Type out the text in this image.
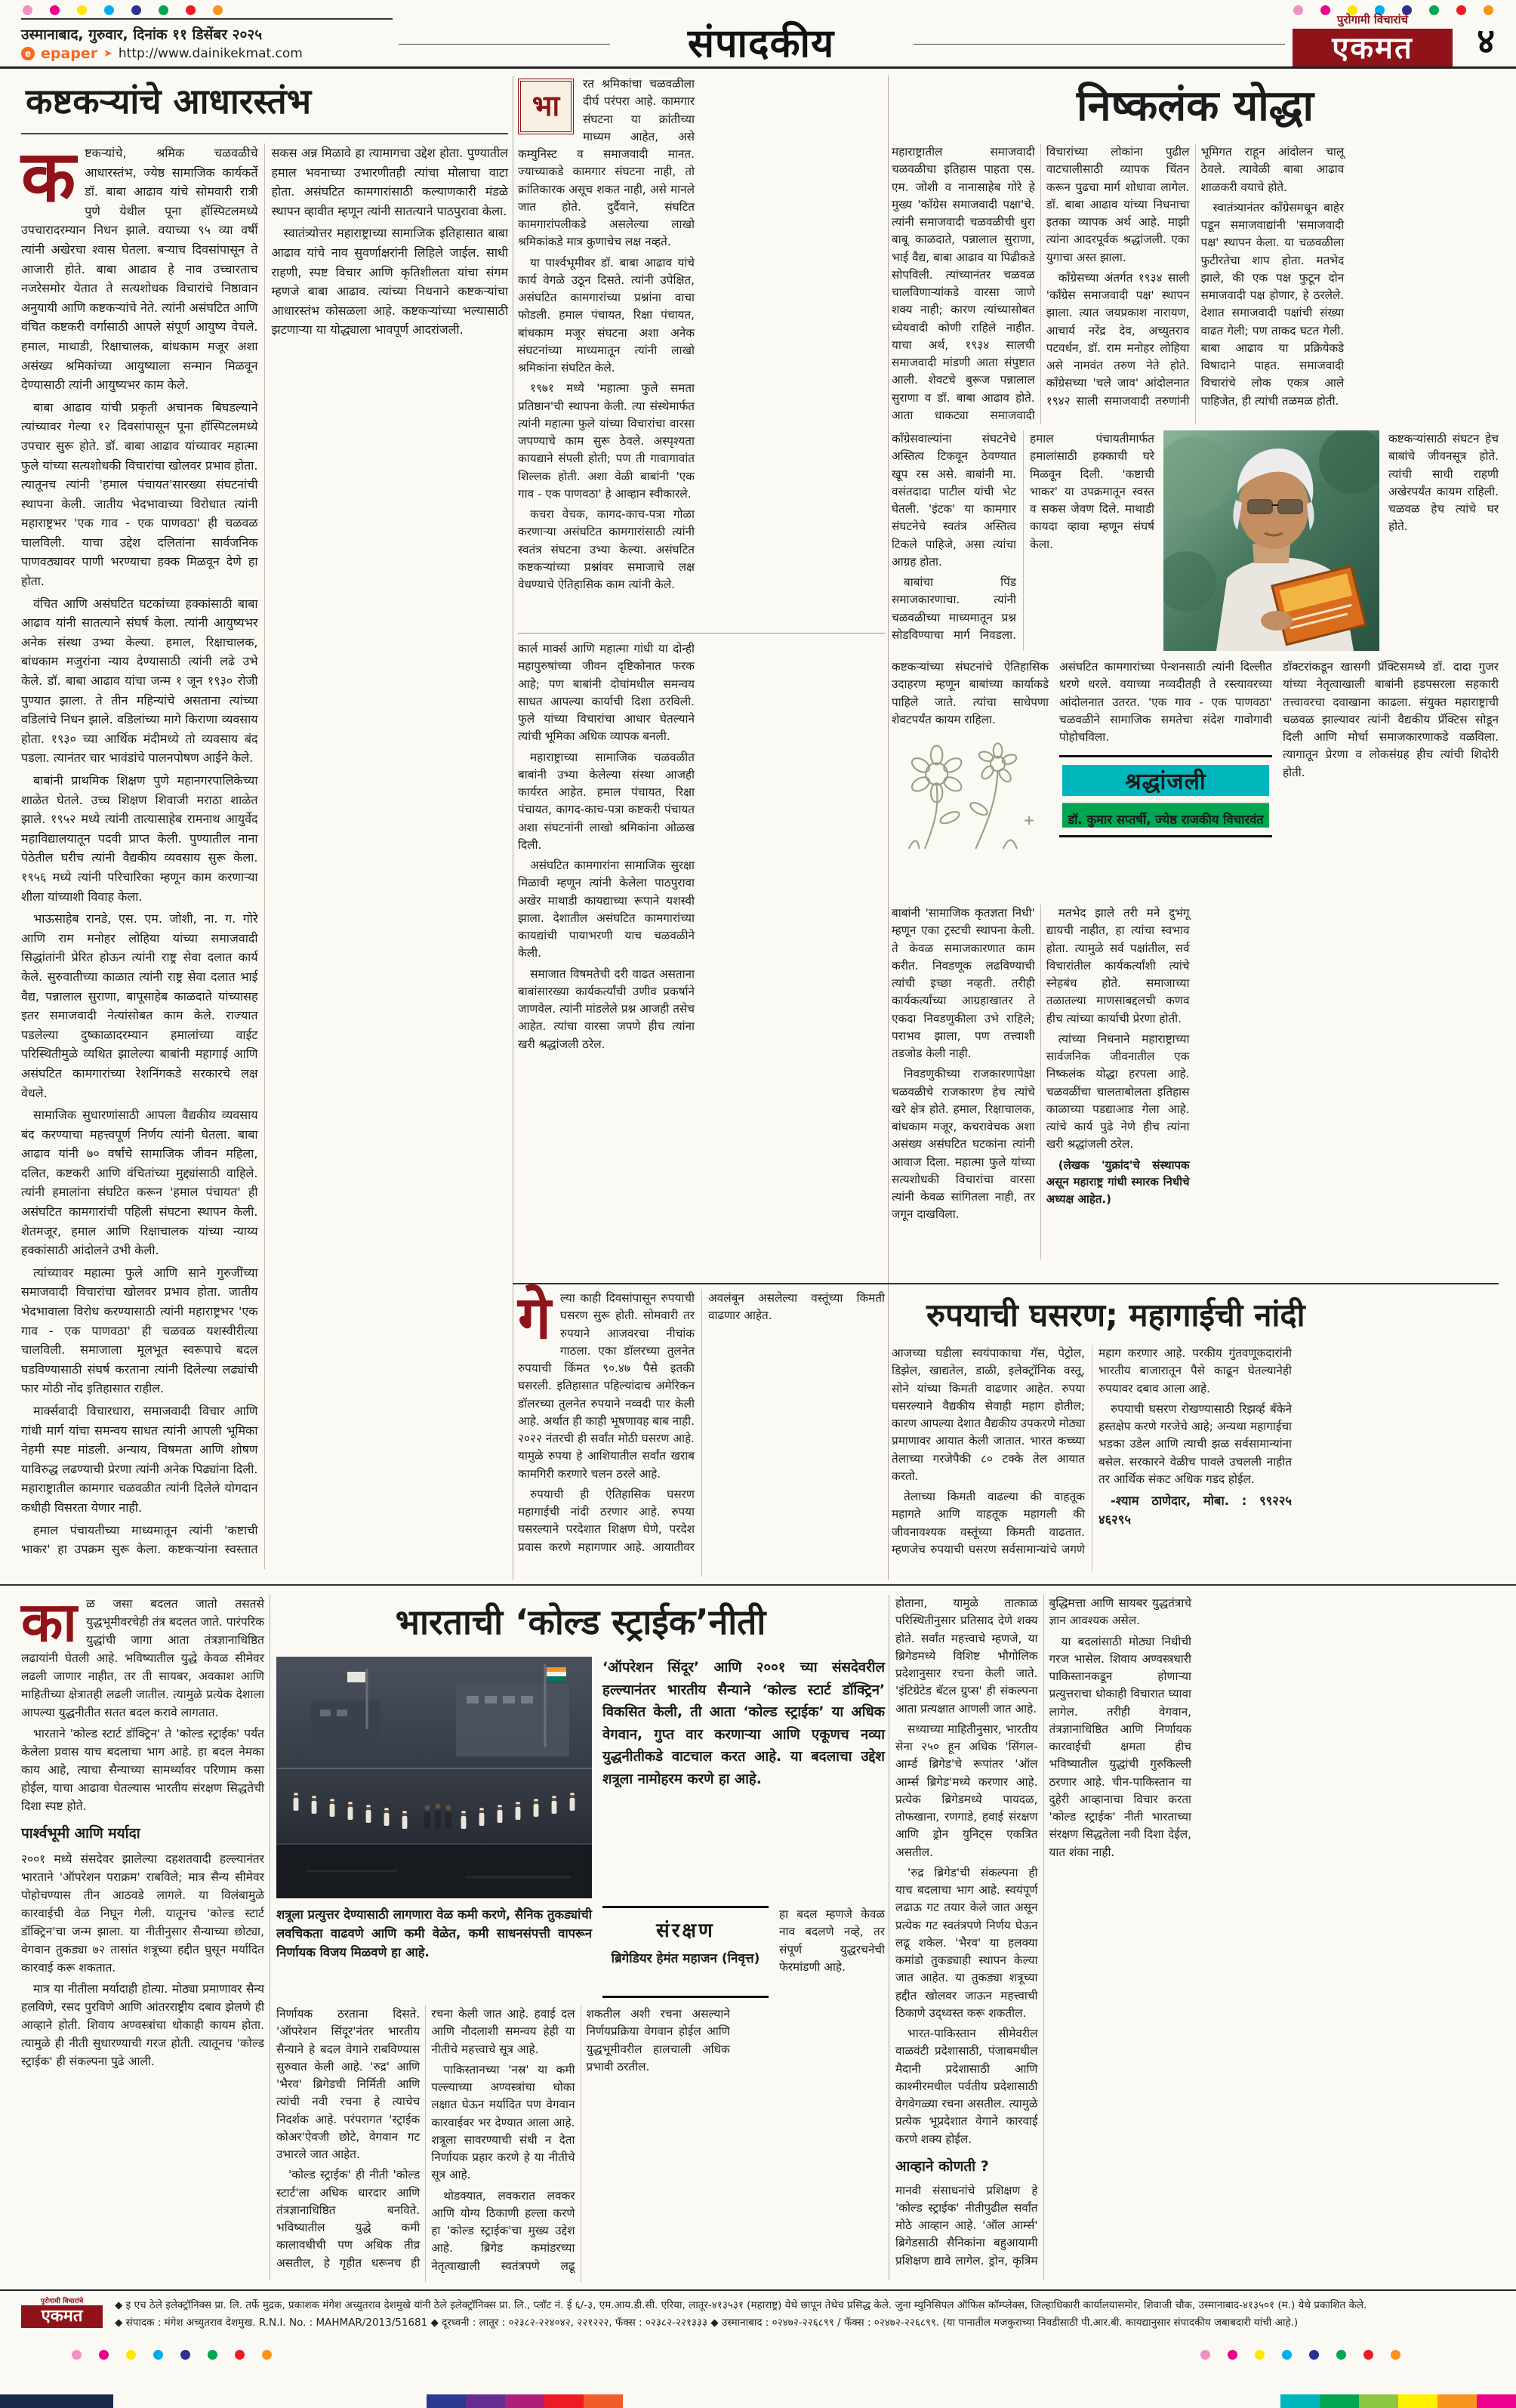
उस्मानाबाद, गुरुवार, दिनांक ११ डिसेंबर २०२५
e epaper ➤ http://www.dainikekmat.com	संपादकीय
पुरोगामी विचारांचे
एकमत	४
कष्टकऱ्यांचे आधारस्तंभ
क ष्टकऱ्यांचे, श्रमिक चळवळीचे आधारस्तंभ, ज्येष्ठ सामाजिक कार्यकर्ते डॉ. बाबा आढाव यांचे सोमवारी रात्री पुणे येथील पूना हॉस्पिटलमध्ये उपचारादरम्यान निधन झाले. वयाच्या ९५ व्या वर्षी त्यांनी अखेरचा श्वास घेतला. बऱ्याच दिवसांपासून ते आजारी होते. बाबा आढाव हे नाव उच्चारताच नजरेसमोर येतात ते सत्यशोधक विचारांचे निष्ठावान अनुयायी आणि कष्टकऱ्यांचे नेते. त्यांनी असंघटित आणि वंचित कष्टकरी वर्गासाठी आपले संपूर्ण आयुष्य वेचले. हमाल, माथाडी, रिक्षाचालक, बांधकाम मजूर अशा असंख्य श्रमिकांच्या आयुष्याला सन्मान मिळवून देण्यासाठी त्यांनी आयुष्यभर काम केले.

बाबा आढाव यांची प्रकृती अचानक बिघडल्याने त्यांच्यावर गेल्या १२ दिवसांपासून पूना हॉस्पिटलमध्ये उपचार सुरू होते. डॉ. बाबा आढाव यांच्यावर महात्मा फुले यांच्या सत्यशोधकी विचारांचा खोलवर प्रभाव होता. त्यातूनच त्यांनी 'हमाल पंचायत'सारख्या संघटनांची स्थापना केली. जातीय भेदभावाच्या विरोधात त्यांनी महाराष्ट्रभर 'एक गाव - एक पाणवठा' ही चळवळ चालविली. याचा उद्देश दलितांना सार्वजनिक पाणवठ्यावर पाणी भरण्याचा हक्क मिळवून देणे हा होता.

वंचित आणि असंघटित घटकांच्या हक्कांसाठी बाबा आढाव यांनी सातत्याने संघर्ष केला. त्यांनी आयुष्यभर अनेक संस्था उभ्या केल्या. हमाल, रिक्षाचालक, बांधकाम मजुरांना न्याय देण्यासाठी त्यांनी लढे उभे केले. डॉ. बाबा आढाव यांचा जन्म १ जून १९३० रोजी पुण्यात झाला. ते तीन महिन्यांचे असताना त्यांच्या वडिलांचे निधन झाले. वडिलांच्या मागे किराणा व्यवसाय होता. १९३० च्या आर्थिक मंदीमध्ये तो व्यवसाय बंद पडला. त्यानंतर चार भावंडांचे पालनपोषण आईने केले.

बाबांनी प्राथमिक शिक्षण पुणे महानगरपालिकेच्या शाळेत घेतले. उच्च शिक्षण शिवाजी मराठा शाळेत झाले. १९५२ मध्ये त्यांनी तात्यासाहेब रामनाथ आयुर्वेद महाविद्यालयातून पदवी प्राप्त केली. पुण्यातील नाना पेठेतील घरीच त्यांनी वैद्यकीय व्यवसाय सुरू केला. १९५६ मध्ये त्यांनी परिचारिका म्हणून काम करणाऱ्या शीला यांच्याशी विवाह केला.

भाऊसाहेब रानडे, एस. एम. जोशी, ना. ग. गोरे आणि राम मनोहर लोहिया यांच्या समाजवादी सिद्धांतांनी प्रेरित होऊन त्यांनी राष्ट्र सेवा दलात कार्य केले. सुरुवातीच्या काळात त्यांनी राष्ट्र सेवा दलात भाई वैद्य, पन्नालाल सुराणा, बापूसाहेब काळदाते यांच्यासह इतर समाजवादी नेत्यांसोबत काम केले. राज्यात पडलेल्या दुष्काळादरम्यान हमालांच्या वाईट परिस्थितीमुळे व्यथित झालेल्या बाबांनी महागाई आणि असंघटित कामगारांच्या रेशनिंगकडे सरकारचे लक्ष वेधले.

सामाजिक सुधारणांसाठी आपला वैद्यकीय व्यवसाय बंद करण्याचा महत्त्वपूर्ण निर्णय त्यांनी घेतला. बाबा आढाव यांनी ७० वर्षांचे सामाजिक जीवन महिला, दलित, कष्टकरी आणि वंचितांच्या मुद्द्यांसाठी वाहिले. त्यांनी हमालांना संघटित करून 'हमाल पंचायत' ही असंघटित कामगारांची पहिली संघटना स्थापन केली. शेतमजूर, हमाल आणि रिक्षाचालक यांच्या न्याय्य हक्कांसाठी आंदोलने उभी केली.

त्यांच्यावर महात्मा फुले आणि साने गुरुजींच्या समाजवादी विचारांचा खोलवर प्रभाव होता. जातीय भेदभावाला विरोध करण्यासाठी त्यांनी महाराष्ट्रभर 'एक गाव - एक पाणवठा' ही चळवळ यशस्वीरीत्या चालविली. समाजाला मूलभूत स्वरूपाचे बदल घडविण्यासाठी संघर्ष करताना त्यांनी दिलेल्या लढ्यांची फार मोठी नोंद इतिहासात राहील.

मार्क्सवादी विचारधारा, समाजवादी विचार आणि गांधी मार्ग यांचा समन्वय साधत त्यांनी आपली भूमिका नेहमी स्पष्ट मांडली. अन्याय, विषमता आणि शोषण याविरुद्ध लढण्याची प्रेरणा त्यांनी अनेक पिढ्यांना दिली. महाराष्ट्रातील कामगार चळवळीत त्यांनी दिलेले योगदान कधीही विसरता येणार नाही.

हमाल पंचायतीच्या माध्यमातून त्यांनी 'कष्टाची भाकर' हा उपक्रम सुरू केला. कष्टकऱ्यांना स्वस्तात सकस अन्न मिळावे हा त्यामागचा उद्देश होता. पुण्यातील हमाल भवनाच्या उभारणीतही त्यांचा मोलाचा वाटा होता. असंघटित कामगारांसाठी कल्याणकारी मंडळे स्थापन व्हावीत म्हणून त्यांनी सातत्याने पाठपुरावा केला.

स्वातंत्र्योत्तर महाराष्ट्राच्या सामाजिक इतिहासात बाबा आढाव यांचे नाव सुवर्णाक्षरांनी लिहिले जाईल. साधी राहणी, स्पष्ट विचार आणि कृतिशीलता यांचा संगम म्हणजे बाबा आढाव. त्यांच्या निधनाने कष्टकऱ्यांचा आधारस्तंभ कोसळला आहे. कष्टकऱ्यांच्या भल्यासाठी झटणाऱ्या या योद्ध्याला भावपूर्ण आदरांजली.

भा

रत श्रमिकांचा चळवळीला दीर्घ परंपरा आहे. कामगार संघटना या क्रांतीच्या माध्यम आहेत, असे कम्युनिस्ट व समाजवादी मानत. ज्याच्याकडे कामगार संघटना नाही, तो क्रांतिकारक असूच शकत नाही, असे मानले जात होते. दुर्दैवाने, संघटित कामगारांपलीकडे असलेल्या लाखो श्रमिकांकडे मात्र कुणाचेच लक्ष नव्हते.

या पार्श्वभूमीवर डॉ. बाबा आढाव यांचे कार्य वेगळे उठून दिसते. त्यांनी उपेक्षित, असंघटित कामगारांच्या प्रश्नांना वाचा फोडली. हमाल पंचायत, रिक्षा पंचायत, बांधकाम मजूर संघटना अशा अनेक संघटनांच्या माध्यमातून त्यांनी लाखो श्रमिकांना संघटित केले.

१९७१ मध्ये 'महात्मा फुले समता प्रतिष्ठान'ची स्थापना केली. त्या संस्थेमार्फत त्यांनी महात्मा फुले यांच्या विचारांचा वारसा जपण्याचे काम सुरू ठेवले. अस्पृश्यता कायद्याने संपली होती; पण ती गावागावांत शिल्लक होती. अशा वेळी बाबांनी 'एक गाव - एक पाणवठा' हे आव्हान स्वीकारले.

कचरा वेचक, कागद-काच-पत्रा गोळा करणाऱ्या असंघटित कामगारांसाठी त्यांनी स्वतंत्र संघटना उभ्या केल्या. असंघटित कष्टकऱ्यांच्या प्रश्नांवर समाजाचे लक्ष वेधण्याचे ऐतिहासिक काम त्यांनी केले.

कार्ल मार्क्स आणि महात्मा गांधी या दोन्ही महापुरुषांच्या जीवन दृष्टिकोनात फरक आहे; पण बाबांनी दोघांमधील समन्वय साधत आपल्या कार्याची दिशा ठरविली. फुले यांच्या विचारांचा आधार घेतल्याने त्यांची भूमिका अधिक व्यापक बनली.

महाराष्ट्राच्या सामाजिक चळवळीत बाबांनी उभ्या केलेल्या संस्था आजही कार्यरत आहेत. हमाल पंचायत, रिक्षा पंचायत, कागद-काच-पत्रा कष्टकरी पंचायत अशा संघटनांनी लाखो श्रमिकांना ओळख दिली.

असंघटित कामगारांना सामाजिक सुरक्षा मिळावी म्हणून त्यांनी केलेला पाठपुरावा अखेर माथाडी कायद्याच्या रूपाने यशस्वी झाला. देशातील असंघटित कामगारांच्या कायद्यांची पायाभरणी याच चळवळीने केली.

समाजात विषमतेची दरी वाढत असताना बाबांसारख्या कार्यकर्त्यांची उणीव प्रकर्षाने जाणवेल. त्यांनी मांडलेले प्रश्न आजही तसेच आहेत. त्यांचा वारसा जपणे हीच त्यांना खरी श्रद्धांजली ठरेल.

निष्कलंक योद्धा

महाराष्ट्रातील समाजवादी चळवळीचा इतिहास पाहता एस. एम. जोशी व नानासाहेब गोरे हे मुख्य 'कॉंग्रेस समाजवादी पक्षा'चे. त्यांनी समाजवादी चळवळीची धुरा बाबू काळदाते, पन्नालाल सुराणा, भाई वैद्य, बाबा आढाव या पिढीकडे सोपविली. त्यांच्यानंतर चळवळ चालविणाऱ्यांकडे वारसा जाणे शक्य नाही; कारण त्यांच्यासोबत ध्येयवादी कोणी राहिले नाहीत. याचा अर्थ, १९३४ सालची समाजवादी मांडणी आता संपुष्टात आली. शेवटचे बुरूज पन्नालाल सुराणा व डॉ. बाबा आढाव होते. आता धाकट्या समाजवादी विचारांच्या लोकांना पुढील वाटचालीसाठी व्यापक चिंतन करून पुढचा मार्ग शोधावा लागेल. डॉ. बाबा आढाव यांच्या निधनाचा इतका व्यापक अर्थ आहे. माझी त्यांना आदरपूर्वक श्रद्धांजली. एका युगाचा अस्त झाला.

कॉंग्रेसच्या अंतर्गत १९३४ साली 'कॉंग्रेस समाजवादी पक्ष' स्थापन झाला. त्यात जयप्रकाश नारायण, आचार्य नरेंद्र देव, अच्युतराव पटवर्धन, डॉ. राम मनोहर लोहिया असे नामवंत तरुण नेते होते. कॉंग्रेसच्या 'चले जाव' आंदोलनात १९४२ साली समाजवादी तरुणांनी भूमिगत राहून आंदोलन चालू ठेवले. त्यावेळी बाबा आढाव शाळकरी वयाचे होते.

स्वातंत्र्यानंतर कॉंग्रेसमधून बाहेर पडून समाजवाद्यांनी 'समाजवादी पक्ष' स्थापन केला. या चळवळीला फुटीरतेचा शाप होता. मतभेद झाले, की एक पक्ष फुटून दोन समाजवादी पक्ष होणार, हे ठरलेले. देशात समाजवादी पक्षांची संख्या वाढत गेली; पण ताकद घटत गेली. बाबा आढाव या प्रक्रियेकडे विषादाने पाहत. समाजवादी विचारांचे लोक एकत्र आले पाहिजेत, ही त्यांची तळमळ होती.

कॉंग्रेसवाल्यांना संघटनेचे अस्तित्व टिकवून ठेवण्यात खूप रस असे. बाबांनी मा. वसंतदादा पाटील यांची भेट घेतली. 'इंटक' या कामगार संघटनेचे स्वतंत्र अस्तित्व टिकले पाहिजे, असा त्यांचा आग्रह होता.

बाबांचा पिंड समाजकारणाचा. त्यांनी चळवळीच्या माध्यमातून प्रश्न सोडविण्याचा मार्ग निवडला. हमाल पंचायतीमार्फत हमालांसाठी हक्काची घरे मिळवून दिली. 'कष्टाची भाकर' या उपक्रमातून स्वस्त व सकस जेवण दिले. माथाडी कायदा व्हावा म्हणून संघर्ष केला.

कष्टकऱ्यांसाठी संघटन हेच बाबांचे जीवनसूत्र होते. त्यांची साधी राहणी अखेरपर्यंत कायम राहिली. चळवळ हेच त्यांचे घर होते.

कष्टकऱ्यांच्या संघटनांचे ऐतिहासिक उदाहरण म्हणून बाबांच्या कार्याकडे पाहिले जाते. त्यांचा साधेपणा शेवटपर्यंत कायम राहिला.

असंघटित कामगारांच्या पेन्शनसाठी त्यांनी दिल्लीत धरणे धरले. वयाच्या नव्वदीतही ते रस्त्यावरच्या आंदोलनात उतरत. 'एक गाव - एक पाणवठा' चळवळीने सामाजिक समतेचा संदेश गावोगावी पोहोचविला.

श्रद्धांजली
डॉ. कुमार सप्तर्षी, ज्येष्ठ राजकीय विचारवंत

डॉक्टरांकडून खासगी प्रॅक्टिसमध्ये डॉ. दादा गुजर यांच्या नेतृत्वाखाली बाबांनी हडपसरला सहकारी तत्त्वावरचा दवाखाना काढला. संयुक्त महाराष्ट्राची चळवळ झाल्यावर त्यांनी वैद्यकीय प्रॅक्टिस सोडून दिली आणि मोर्चा समाजकारणाकडे वळविला. त्यागातून प्रेरणा व लोकसंग्रह हीच त्यांची शिदोरी होती.

बाबांनी 'सामाजिक कृतज्ञता निधी' म्हणून एका ट्रस्टची स्थापना केली. ते केवळ समाजकारणात काम करीत. निवडणूक लढविण्याची त्यांची इच्छा नव्हती. तरीही कार्यकर्त्यांच्या आग्रहाखातर ते एकदा निवडणुकीला उभे राहिले; पराभव झाला, पण तत्त्वाशी तडजोड केली नाही.

निवडणुकीच्या राजकारणापेक्षा चळवळीचे राजकारण हेच त्यांचे खरे क्षेत्र होते. हमाल, रिक्षाचालक, बांधकाम मजूर, कचरावेचक अशा असंख्य असंघटित घटकांना त्यांनी आवाज दिला. महात्मा फुले यांच्या सत्यशोधकी विचारांचा वारसा त्यांनी केवळ सांगितला नाही, तर जगून दाखविला.

मतभेद झाले तरी मने दुभंगू द्यायची नाहीत, हा त्यांचा स्वभाव होता. त्यामुळे सर्व पक्षांतील, सर्व विचारांतील कार्यकर्त्यांशी त्यांचे स्नेहबंध होते. समाजाच्या तळातल्या माणसाबद्दलची कणव हीच त्यांच्या कार्याची प्रेरणा होती.

त्यांच्या निधनाने महाराष्ट्राच्या सार्वजनिक जीवनातील एक निष्कलंक योद्धा हरपला आहे. चळवळींचा चालताबोलता इतिहास काळाच्या पडद्याआड गेला आहे. त्यांचे कार्य पुढे नेणे हीच त्यांना खरी श्रद्धांजली ठरेल.

(लेखक 'युक्रांद'चे संस्थापक असून महाराष्ट्र गांधी स्मारक निधीचे अध्यक्ष आहेत.)

गे ल्या काही दिवसांपासून रुपयाची घसरण सुरू होती. सोमवारी तर रुपयाने आजवरचा नीचांक गाठला. एका डॉलरच्या तुलनेत रुपयाची किंमत ९०.४७ पैसे इतकी घसरली. इतिहासात पहिल्यांदाच अमेरिकन डॉलरच्या तुलनेत रुपयाने नव्वदी पार केली आहे. अर्थात ही काही भूषणावह बाब नाही. २०२२ नंतरची ही सर्वांत मोठी घसरण आहे. यामुळे रुपया हे आशियातील सर्वांत खराब कामगिरी करणारे चलन ठरले आहे.

रुपयाची ही ऐतिहासिक घसरण महागाईची नांदी ठरणार आहे. रुपया घसरल्याने परदेशात शिक्षण घेणे, परदेश प्रवास करणे महागणार आहे. आयातीवर अवलंबून असलेल्या वस्तूंच्या किमती वाढणार आहेत.	रुपयाची घसरण; महागाईची नांदी

आजच्या घडीला स्वयंपाकाचा गॅस, पेट्रोल, डिझेल, खाद्यतेल, डाळी, इलेक्ट्रॉनिक वस्तू, सोने यांच्या किमती वाढणार आहेत. रुपया घसरल्याने वैद्यकीय सेवाही महाग होतील; कारण आपल्या देशात वैद्यकीय उपकरणे मोठ्या प्रमाणावर आयात केली जातात. भारत कच्च्या तेलाच्या गरजेपैकी ८० टक्के तेल आयात करतो.

तेलाच्या किमती वाढल्या की वाहतूक महागते आणि वाहतूक महागली की जीवनावश्यक वस्तूंच्या किमती वाढतात. म्हणजेच रुपयाची घसरण सर्वसामान्यांचे जगणे महाग करणार आहे. परकीय गुंतवणूकदारांनी भारतीय बाजारातून पैसे काढून घेतल्यानेही रुपयावर दबाव आला आहे.

रुपयाची घसरण रोखण्यासाठी रिझर्व्ह बँकेने हस्तक्षेप करणे गरजेचे आहे; अन्यथा महागाईचा भडका उडेल आणि त्याची झळ सर्वसामान्यांना बसेल. सरकारने वेळीच पावले उचलली नाहीत तर आर्थिक संकट अधिक गडद होईल.

-श्याम ठाणेदार, मोबा. : ९९२२५ ४६२९५

का ळ जसा बदलत जातो तसतसे युद्धभूमीवरचेही तंत्र बदलत जाते. पारंपरिक युद्धांची जागा आता तंत्रज्ञानाधिष्ठित लढायांनी घेतली आहे. भविष्यातील युद्धे केवळ सीमेवर लढली जाणार नाहीत, तर ती सायबर, अवकाश आणि माहितीच्या क्षेत्रातही लढली जातील. त्यामुळे प्रत्येक देशाला आपल्या युद्धनीतीत सतत बदल करावे लागतात.

भारताने 'कोल्ड स्टार्ट डॉक्ट्रिन' ते 'कोल्ड स्ट्राईक' पर्यंत केलेला प्रवास याच बदलाचा भाग आहे. हा बदल नेमका काय आहे, त्याचा सैन्याच्या सामर्थ्यावर परिणाम कसा होईल, याचा आढावा घेतल्यास भारतीय संरक्षण सिद्धतेची दिशा स्पष्ट होते.

पार्श्वभूमी आणि मर्यादा

२००१ मध्ये संसदेवर झालेल्या दहशतवादी हल्ल्यानंतर भारताने 'ऑपरेशन पराक्रम' राबविले; मात्र सैन्य सीमेवर पोहोचण्यास तीन आठवडे लागले. या विलंबामुळे कारवाईची वेळ निघून गेली. यातूनच 'कोल्ड स्टार्ट डॉक्ट्रिन'चा जन्म झाला. या नीतीनुसार सैन्याच्या छोट्या, वेगवान तुकड्या ७२ तासांत शत्रूच्या हद्दीत घुसून मर्यादित कारवाई करू शकतात.

मात्र या नीतीला मर्यादाही होत्या. मोठ्या प्रमाणावर सैन्य हलविणे, रसद पुरविणे आणि आंतरराष्ट्रीय दबाव झेलणे ही आव्हाने होती. शिवाय अण्वस्त्रांचा धोकाही कायम होता. त्यामुळे ही नीती सुधारण्याची गरज होती. त्यातूनच 'कोल्ड स्ट्राईक' ही संकल्पना पुढे आली.

भारताची ‘कोल्ड स्ट्राईक’नीती
‘ऑपरेशन सिंदूर’ आणि २००१ च्या संसदेवरील हल्ल्यानंतर भारतीय सैन्याने ‘कोल्ड स्टार्ट डॉक्ट्रिन’ विकसित केली, ती आता ‘कोल्ड स्ट्राईक’ या अधिक वेगवान, गुप्त वार करणाऱ्या आणि एकूणच नव्या युद्धनीतीकडे वाटचाल करत आहे. या बदलाचा उद्देश शत्रूला नामोहरम करणे हा आहे.
शत्रूला प्रत्युत्तर देण्यासाठी लागणारा वेळ कमी करणे, सैनिक तुकड्यांची लवचिकता वाढवणे आणि कमी वेळेत, कमी साधनसंपत्ती वापरून निर्णायक विजय मिळवणे हा आहे.
संरक्षण
ब्रिगेडियर हेमंत महाजन (निवृत्त)

हा बदल म्हणजे केवळ नाव बदलणे नव्हे, तर संपूर्ण युद्धरचनेची फेरमांडणी आहे.

निर्णायक ठरताना दिसते. 'ऑपरेशन सिंदूर'नंतर भारतीय सैन्याने हे बदल वेगाने राबविण्यास सुरुवात केली आहे. 'रुद्र' आणि 'भैरव' ब्रिगेडची निर्मिती आणि त्यांची नवी रचना हे त्याचेच निदर्शक आहे. परंपरागत 'स्ट्राईक कोअर'ऐवजी छोटे, वेगवान गट उभारले जात आहेत.

'कोल्ड स्ट्राईक' ही नीती 'कोल्ड स्टार्ट'ला अधिक धारदार आणि तंत्रज्ञानाधिष्ठित बनविते. भविष्यातील युद्धे कमी कालावधीची पण अधिक तीव्र असतील, हे गृहीत धरूनच ही रचना केली जात आहे. हवाई दल आणि नौदलाशी समन्वय हेही या नीतीचे महत्त्वाचे सूत्र आहे.

पाकिस्तानच्या 'नस्र' या कमी पल्ल्याच्या अण्वस्त्रांचा धोका लक्षात घेऊन मर्यादित पण वेगवान कारवाईवर भर देण्यात आला आहे. शत्रूला सावरण्याची संधी न देता निर्णायक प्रहार करणे हे या नीतीचे सूत्र आहे.

थोडक्यात, लवकरात लवकर आणि योग्य ठिकाणी हल्ला करणे हा 'कोल्ड स्ट्राईक'चा मुख्य उद्देश आहे. ब्रिगेड कमांडरच्या नेतृत्वाखाली स्वतंत्रपणे लढू शकतील अशी रचना असल्याने निर्णयप्रक्रिया वेगवान होईल आणि युद्धभूमीवरील हालचाली अधिक प्रभावी ठरतील.

होताना, यामुळे तात्काळ परिस्थितीनुसार प्रतिसाद देणे शक्य होते. सर्वांत महत्त्वाचे म्हणजे, या ब्रिगेडमध्ये विशिष्ट भौगोलिक प्रदेशानुसार रचना केली जाते. 'इंटिग्रेटेड बॅटल ग्रुप्स' ही संकल्पना आता प्रत्यक्षात आणली जात आहे.

सध्याच्या माहितीनुसार, भारतीय सेना २५० हून अधिक 'सिंगल-आर्म्ड ब्रिगेड'चे रूपांतर 'ऑल आर्म्स ब्रिगेड'मध्ये करणार आहे. प्रत्येक ब्रिगेडमध्ये पायदळ, तोफखाना, रणगाडे, हवाई संरक्षण आणि ड्रोन युनिट्स एकत्रित असतील.

'रुद्र ब्रिगेड'ची संकल्पना ही याच बदलाचा भाग आहे. स्वयंपूर्ण लढाऊ गट तयार केले जात असून प्रत्येक गट स्वतंत्रपणे निर्णय घेऊन लढू शकेल. 'भैरव' या हलक्या कमांडो तुकड्याही स्थापन केल्या जात आहेत. या तुकड्या शत्रूच्या हद्दीत खोलवर जाऊन महत्त्वाची ठिकाणे उद्ध्वस्त करू शकतील.

भारत-पाकिस्तान सीमेवरील वाळवंटी प्रदेशासाठी, पंजाबमधील मैदानी प्रदेशासाठी आणि काश्मीरमधील पर्वतीय प्रदेशासाठी वेगवेगळ्या रचना असतील. त्यामुळे प्रत्येक भूप्रदेशात वेगाने कारवाई करणे शक्य होईल.

आव्हाने कोणती ?

मानवी संसाधनांचे प्रशिक्षण हे 'कोल्ड स्ट्राईक' नीतीपुढील सर्वांत मोठे आव्हान आहे. 'ऑल आर्म्स' ब्रिगेडसाठी सैनिकांना बहुआयामी प्रशिक्षण द्यावे लागेल. ड्रोन, कृत्रिम बुद्धिमत्ता आणि सायबर युद्धतंत्राचे ज्ञान आवश्यक असेल.

या बदलांसाठी मोठ्या निधीची गरज भासेल. शिवाय अण्वस्त्रधारी पाकिस्तानकडून होणाऱ्या प्रत्युत्तराचा धोकाही विचारात घ्यावा लागेल. तरीही वेगवान, तंत्रज्ञानाधिष्ठित आणि निर्णायक कारवाईची क्षमता हीच भविष्यातील युद्धांची गुरुकिल्ली ठरणार आहे. चीन-पाकिस्तान या दुहेरी आव्हानाचा विचार करता 'कोल्ड स्ट्राईक' नीती भारताच्या संरक्षण सिद्धतेला नवी दिशा देईल, यात शंका नाही.

पुरोगामी विचारांचे
एकमत
◆ इ एच ठेले इलेक्ट्रॉनिक्स प्रा. लि. तर्फे मुद्रक, प्रकाशक मंगेश अच्युतराव देशमुखे यांनी ठेले इलेक्ट्रॉनिक्स प्रा. लि., प्लॉट नं. ई ६/-३, एम.आय.डी.सी. एरिया, लातूर-४१३५३१ (महाराष्ट्र) येथे छापून तेथेच प्रसिद्ध केले. जुना म्युनिसिपल ऑफिस कॉम्प्लेक्स, जिल्हाधिकारी कार्यालयासमोर, शिवाजी चौक, उस्मानाबाद-४१३५०१ (म.) येथे प्रकाशित केले.
◆ संपादक : मंगेश अच्युतराव देशमुख. R.N.I. No. : MAHMAR/2013/51681 ◆ दूरध्वनी : लातूर : ०२३८२-२२४०४२, २२१२२२, फॅक्स : ०२३८२-२२१३३३ ◆ उस्मानाबाद : ०२४७२-२२६८९९ / फॅक्स : ०२४७२-२२६८९९. (या पानातील मजकुराच्या निवडीसाठी पी.आर.बी. कायद्यानुसार संपादकीय जबाबदारी यांची आहे.)
